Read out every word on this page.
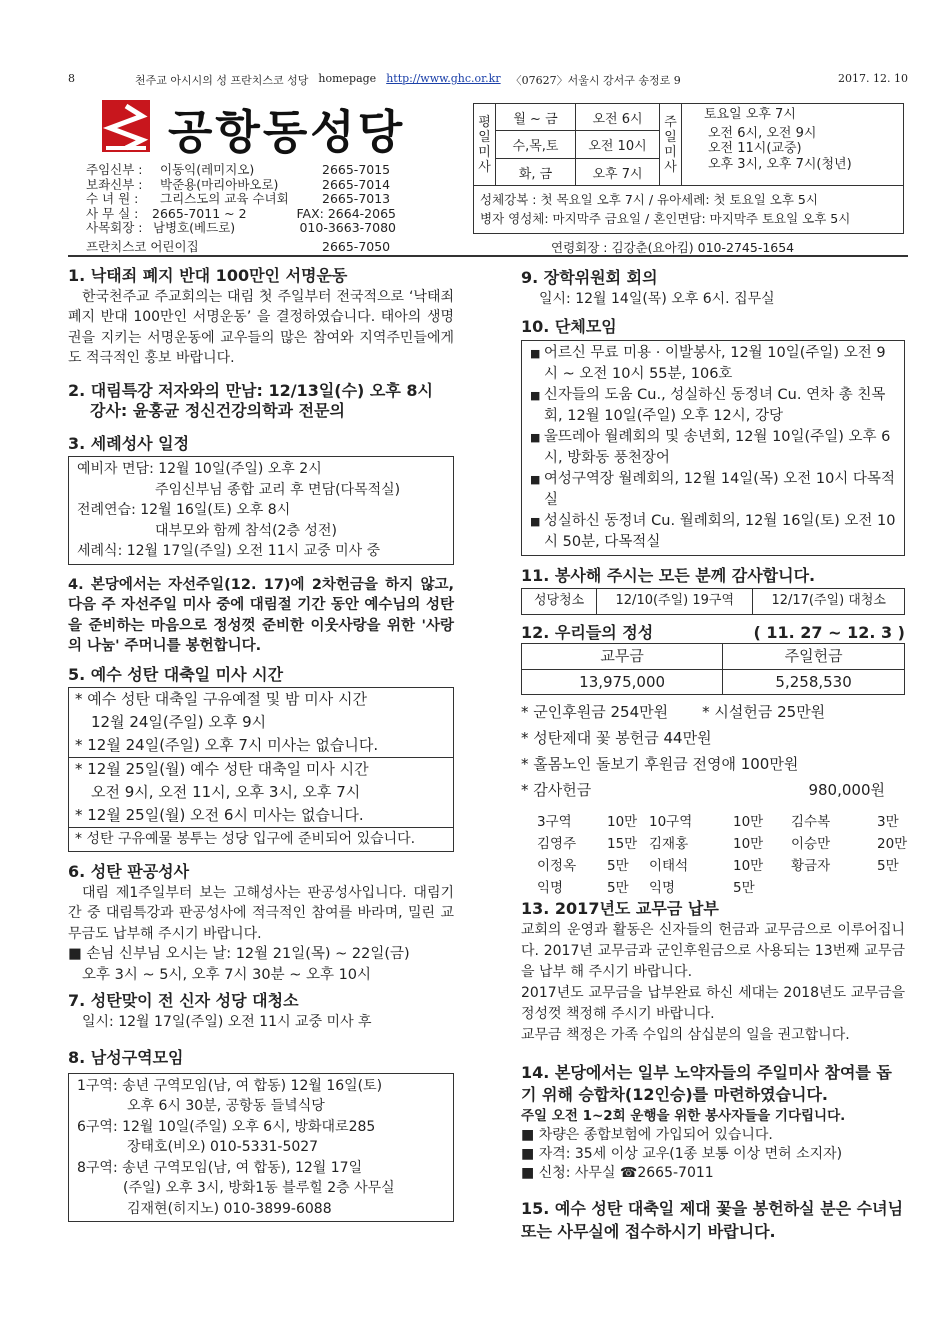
8	천주교 아시시의 성 프란치스코 성당 homepage http://www.ghc.or.kr 〈07627〉서울시 강서구 송정로 9	2017. 12. 10
공항동성당
주임신부 :	이동익(레미지오)	2665-7015
보좌신부 :	박준용(마리아바오로)	2665-7014
수 녀 원 :	그리스도의 교육 수녀회	2665-7013
사 무 실 :	2665-7011 ~ 2	FAX: 2664-2065
사목회장 : 남병호(베드로)	010-3663-7080
프란치스코 어린이집	2665-7050
평일미사
월 ~ 금	오전 6시
수,목,토	오전 10시
화, 금	오후 7시
주일미사
토요일 오후 7시
오전 6시, 오전 9시
오전 11시(교중)
오후 3시, 오후 7시(청년)
성체강복 : 첫 목요일 오후 7시 / 유아세례: 첫 토요일 오후 5시
병자 영성체: 마지막주 금요일 / 혼인면담: 마지막주 토요일 오후 5시
연령회장 : 김강춘(요아킴) 010-2745-1654
1. 낙태죄 폐지 반대 100만인 서명운동
한국천주교 주교회의는 대림 첫 주일부터 전국적으로 ‘낙태죄 폐지 반대 100만인 서명운동’ 을 결정하였습니다. 태아의 생명권을 지키는 서명운동에 교우들의 많은 참여와 지역주민들에게도 적극적인 홍보 바랍니다.
2. 대림특강 저자와의 만남: 12/13일(수) 오후 8시
강사: 윤홍균 정신건강의학과 전문의
3. 세례성사 일정
예비자 면담: 12월 10일(주일) 오후 2시
주임신부님 종합 교리 후 면담(다목적실)
전례연습: 12월 16일(토) 오후 8시
대부모와 함께 참석(2층 성전)
세례식: 12월 17일(주일) 오전 11시 교중 미사 중
4. 본당에서는 자선주일(12. 17)에 2차헌금을 하지 않고, 다음 주 자선주일 미사 중에 대림절 기간 동안 예수님의 성탄을 준비하는 마음으로 정성껏 준비한 이웃사랑을 위한 '사랑의 나눔' 주머니를 봉헌합니다.
5. 예수 성탄 대축일 미사 시간
* 예수 성탄 대축일 구유예절 및 밤 미사 시간
12월 24일(주일) 오후 9시
* 12월 24일(주일) 오후 7시 미사는 없습니다.
* 12월 25일(월) 예수 성탄 대축일 미사 시간
오전 9시, 오전 11시, 오후 3시, 오후 7시
* 12월 25일(월) 오전 6시 미사는 없습니다.
* 성탄 구유예물 봉투는 성당 입구에 준비되어 있습니다.
6. 성탄 판공성사
대림 제1주일부터 보는 고해성사는 판공성사입니다. 대림기간 중 대림특강과 판공성사에 적극적인 참여를 바라며, 밀린 교무금도 납부해 주시기 바랍니다.
■ 손님 신부님 오시는 날: 12월 21일(목) ~ 22일(금)
오후 3시 ~ 5시, 오후 7시 30분 ~ 오후 10시
7. 성탄맞이 전 신자 성당 대청소
일시: 12월 17일(주일) 오전 11시 교중 미사 후
8. 남성구역모임
1구역: 송년 구역모임(남, 여 합동) 12월 16일(토)
오후 6시 30분, 공항동 들녘식당
6구역: 12월 10일(주일) 오후 6시, 방화대로285
장태호(비오) 010-5331-5027
8구역: 송년 구역모임(남, 여 합동), 12월 17일
(주일) 오후 3시, 방화1동 블루힐 2층 사무실
김재현(히지노) 010-3899-6088
9. 장학위원회 회의
일시: 12월 14일(목) 오후 6시. 집무실
10. 단체모임
■ 어르신 무료 미용 · 이발봉사, 12월 10일(주일) 오전 9시 ~ 오전 10시 55분, 106호
■ 신자들의 도움 Cu., 성실하신 동정녀 Cu. 연차 총 친목회, 12월 10일(주일) 오후 12시, 강당
■ 울뜨레아 월례회의 및 송년회, 12월 10일(주일) 오후 6시, 방화동 풍천장어
■ 여성구역장 월례회의, 12월 14일(목) 오전 10시 다목적실
■ 성실하신 동정녀 Cu. 월례회의, 12월 16일(토) 오전 10시 50분, 다목적실
11. 봉사해 주시는 모든 분께 감사합니다.
성당청소	12/10(주일) 19구역	12/17(주일) 대청소
12. 우리들의 정성	( 11. 27 ~ 12. 3 )
교무금	주일헌금
13,975,000	5,258,530
* 군인후원금 254만원 * 시설헌금 25만원
* 성탄제대 꽃 봉헌금 44만원
* 홀몸노인 돌보기 후원금 전영애 100만원
* 감사헌금	980,000원
3구역	10만 10구역	10만	김수복	3만
김영주	15만 김재홍	10만	이승만	20만
이정옥	5만	이태석	10만	황금자	5만
익명	5만	익명	5만
13. 2017년도 교무금 납부
교회의 운영과 활동은 신자들의 헌금과 교무금으로 이루어집니다. 2017년 교무금과 군인후원금으로 사용되는 13번째 교무금을 납부 해 주시기 바랍니다.
2017년도 교무금을 납부완료 하신 세대는 2018년도 교무금을 정성껏 책정해 주시기 바랍니다.
교무금 책정은 가족 수입의 삼십분의 일을 권고합니다.
14. 본당에서는 일부 노약자들의 주일미사 참여를 돕기 위해 승합차(12인승)를 마련하였습니다.
주일 오전 1~2회 운행을 위한 봉사자들을 기다립니다.
■ 차량은 종합보험에 가입되어 있습니다.
■ 자격: 35세 이상 교우(1종 보통 이상 면허 소지자)
■ 신청: 사무실 ☎2665-7011
15. 예수 성탄 대축일 제대 꽃을 봉헌하실 분은 수녀님 또는 사무실에 접수하시기 바랍니다.
